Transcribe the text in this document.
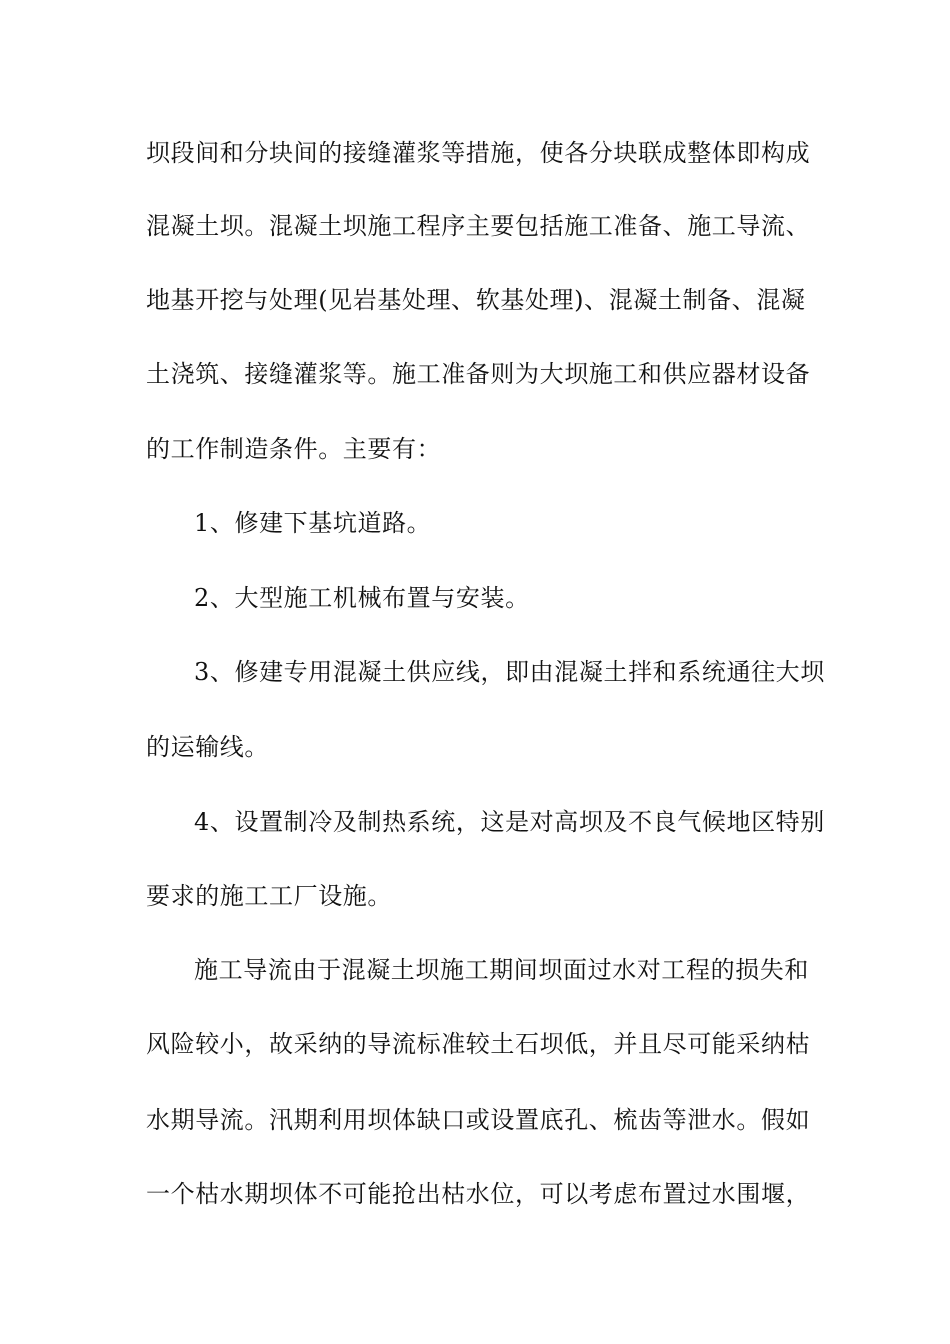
坝段间和分块间的接缝灌浆等措施，使各分块联成整体即构成
混凝土坝。混凝土坝施工程序主要包括施工准备、施工导流、
地基开挖与处理(见岩基处理、软基处理)、混凝土制备、混凝
土浇筑、接缝灌浆等。施工准备则为大坝施工和供应器材设备
的工作制造条件。主要有：
1、修建下基坑道路。
2、大型施工机械布置与安装。
3、修建专用混凝土供应线，即由混凝土拌和系统通往大坝
的运输线。
4、设置制冷及制热系统，这是对高坝及不良气候地区特别
要求的施工工厂设施。
施工导流由于混凝土坝施工期间坝面过水对工程的损失和
风险较小，故采纳的导流标准较土石坝低，并且尽可能采纳枯
水期导流。汛期利用坝体缺口或设置底孔、梳齿等泄水。假如
一个枯水期坝体不可能抢出枯水位，可以考虑布置过水围堰，
